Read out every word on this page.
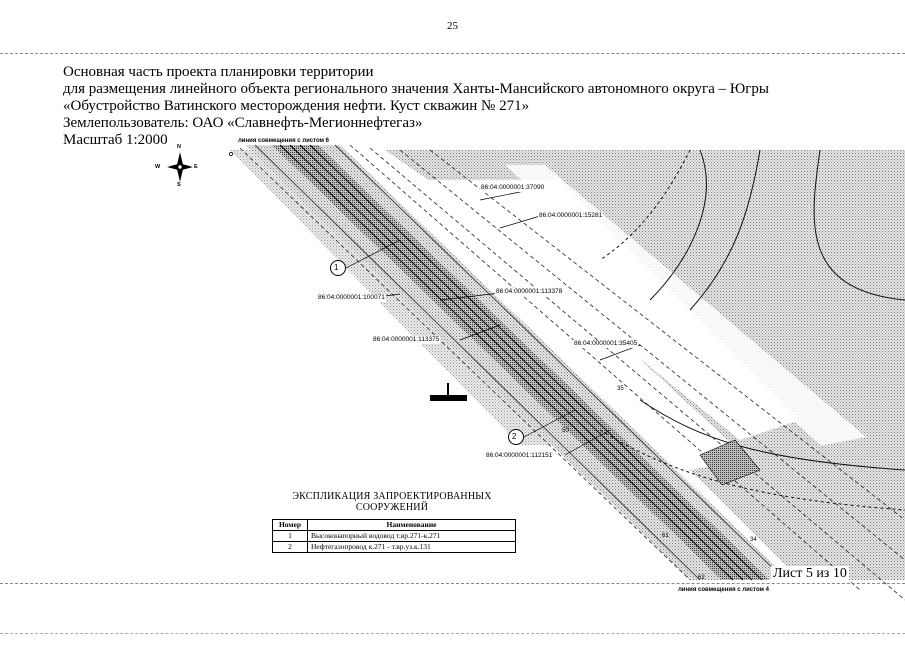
25
Основная часть проекта планировки территории
для размещения линейного объекта регионального значения Ханты-Мансийского автономного округа – Югры
«Обустройство Ватинского месторождения нефти. Куст скважин № 271»
Землепользователь: ОАО «Славнефть-Мегионнефтегаз»
Масштаб 1:2000 N
S
W	E
линия совмещения с листом 6
линия совмещения с листом 4
86:04:0000001:37090
86:04:0000001:15281
86:04:0000001:100071
86:04:0000001:113378
86:04:0000001:113375
86:04:0000001:35405
86:04:0000001:112151
1
2
35
50
61
62
34
ЭКСПЛИКАЦИЯ ЗАПРОЕКТИРОВАННЫХ
СООРУЖЕНИЙ
Номер	Наименование
1	Высоконапорный водовод т.вр.271-к.271
2	Нефтегазопровод к.271 - т.вр.уз.к.131
Лист 5 из 10
